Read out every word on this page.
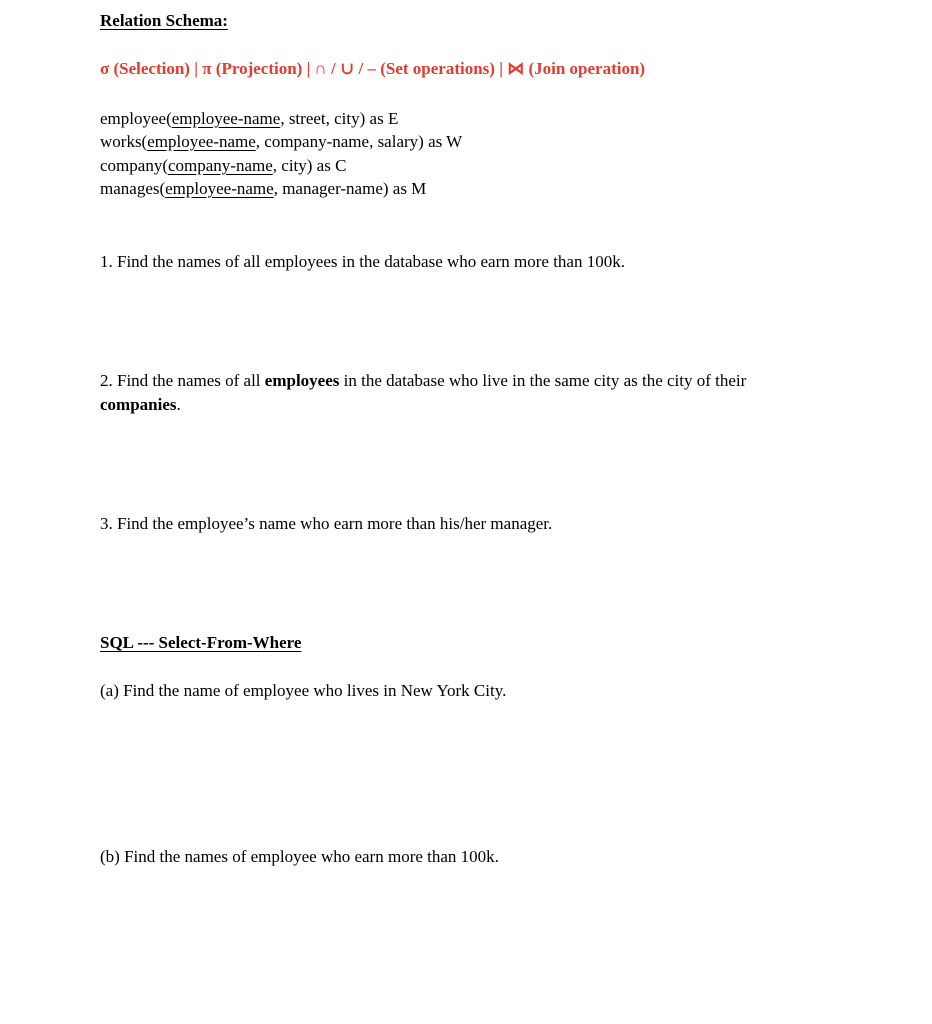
Relation Schema:
σ (Selection) | π (Projection) | ∩ / ∪ / – (Set operations) | ⋈ (Join operation)
employee(employee-name, street, city) as E
works(employee-name, company-name, salary) as W
company(company-name, city) as C
manages(employee-name, manager-name) as M
1. Find the names of all employees in the database who earn more than 100k.
2. Find the names of all employees in the database who live in the same city as the city of their
companies.
3. Find the employee’s name who earn more than his/her manager.
SQL --- Select-From-Where
(a) Find the name of employee who lives in New York City.
(b) Find the names of employee who earn more than 100k.
